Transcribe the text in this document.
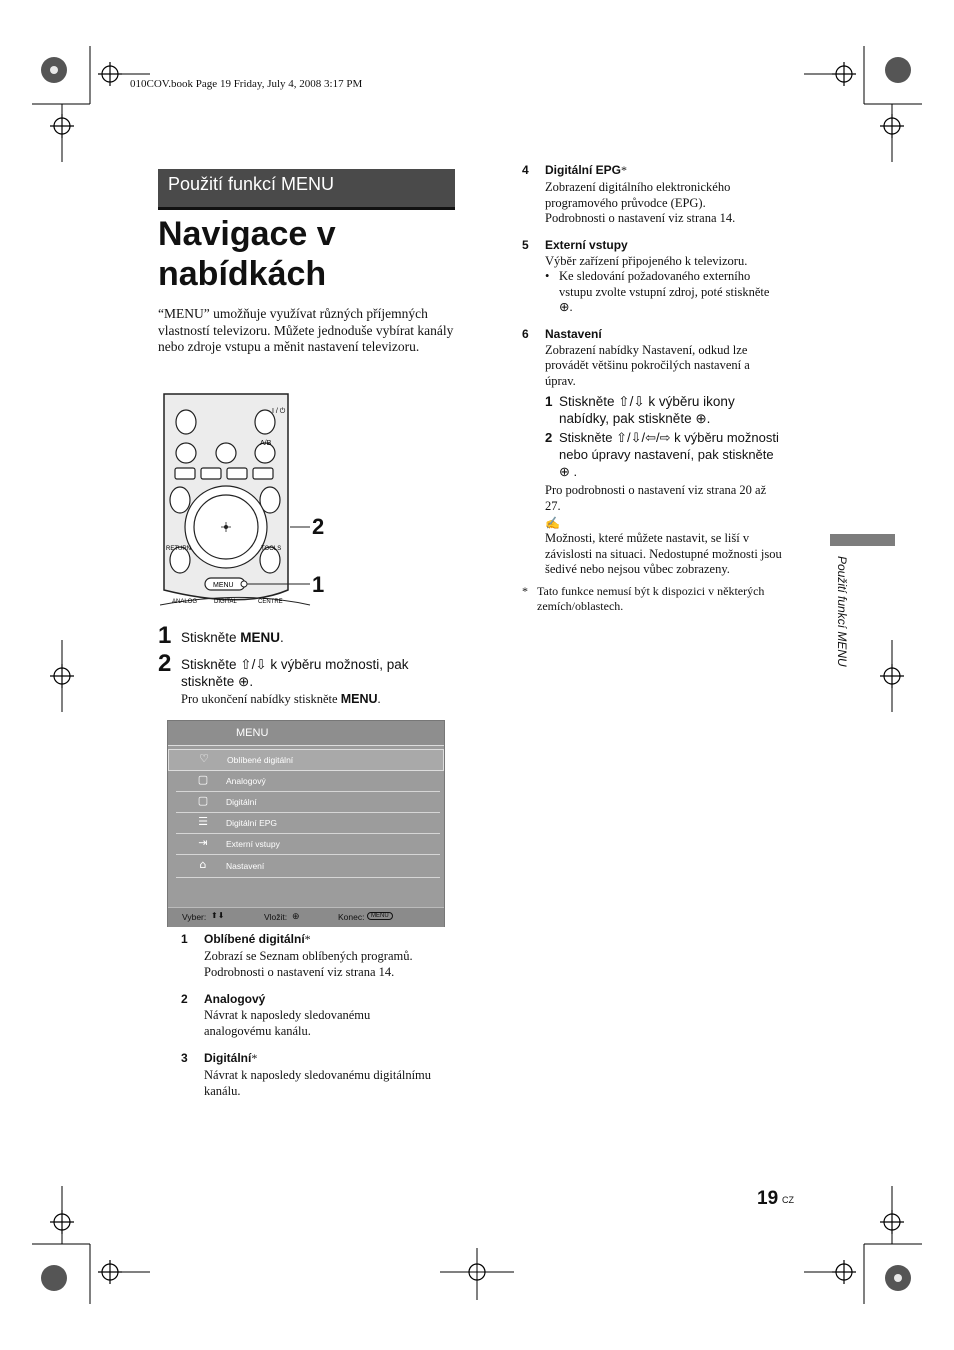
010COV.book Page 19 Friday, July 4, 2008 3:17 PM
Použití funkcí MENU
Navigace v
nabídkách
“MENU” umožňuje využívat různých příjemných vlastností televizoru. Můžete jednoduše vybírat kanály nebo zdroje vstupu a měnit nastavení televizoru.
I / ⏻
A/B
RETURN	TOOLS
MENU
ANALOG	DIGITAL	CENTRE
2
1
1 Stiskněte MENU.
2 Stiskněte ⇧/⇩ k výběru možnosti, pak stiskněte ⊕.
Pro ukončení nabídky stiskněte MENU.
MENU
♡ Oblíbené digitální
▢ Analogový
▢ Digitální
☰ Digitální EPG
⇥ Externí vstupy
⌂	Nastavení
Vyber: ⬆⬇	Vložit: ⊕	Konec:	MENU
1 Oblíbené digitální*
Zobrazí se Seznam oblíbených programů.
Podrobnosti o nastavení viz strana 14.
2 Analogový
Návrat k naposledy sledovanému
analogovému kanálu.
3 Digitální*
Návrat k naposledy sledovanému digitálnímu
kanálu.
4 Digitální EPG*
Zobrazení digitálního elektronického
programového průvodce (EPG).
Podrobnosti o nastavení viz strana 14.
5 Externí vstupy
Výběr zařízení připojeného k televizoru.
• Ke sledování požadovaného externího
vstupu zvolte vstupní zdroj, poté stiskněte
⊕.
6 Nastavení
Zobrazení nabídky Nastavení, odkud lze
provádět většinu pokročilých nastavení a
úprav.
1 Stiskněte ⇧/⇩ k výběru ikony
nabídky, pak stiskněte ⊕.
2 Stiskněte ⇧/⇩/⇦/⇨ k výběru možnosti
nebo úpravy nastavení, pak stiskněte
⊕ .
Pro podrobnosti o nastavení viz strana 20 až
27.
✍
Možnosti, které můžete nastavit, se liší v
závislosti na situaci. Nedostupné možnosti jsou
šedivé nebo nejsou vůbec zobrazeny.
* Tato funkce nemusí být k dispozici v některých
zemích/oblastech.	Použití funkcí MENU
19 CZ
